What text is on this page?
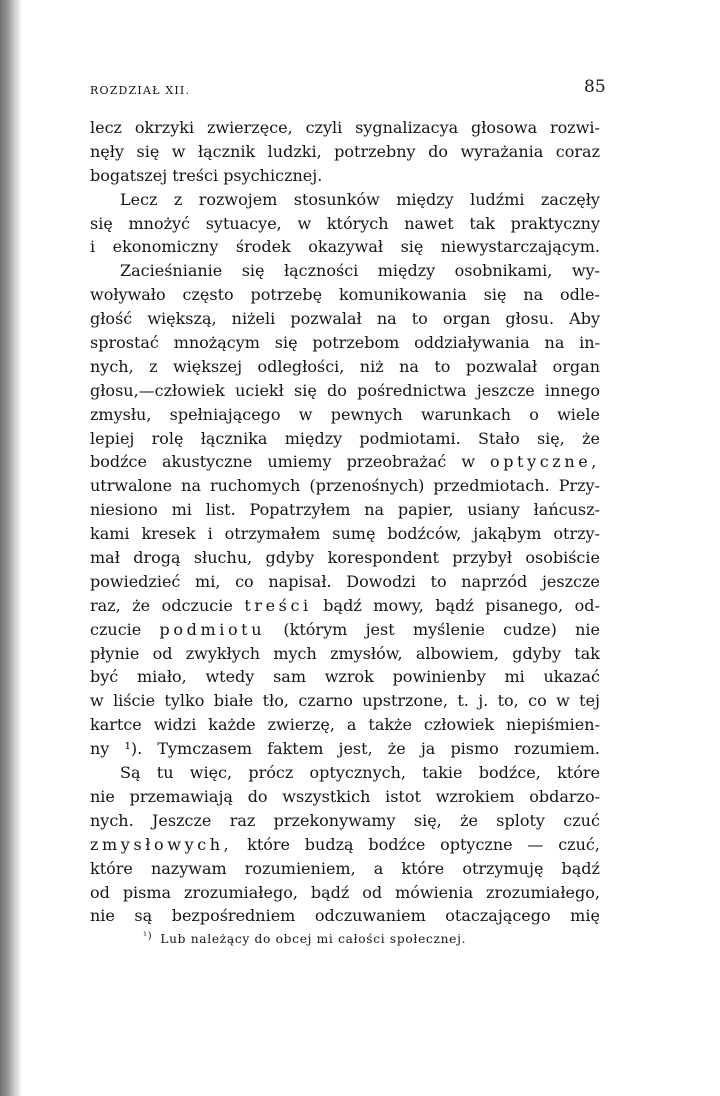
ROZDZIAŁ XII.	85
lecz okrzyki zwierzęce, czyli sygnalizacya głosowa rozwi-
nęły się w łącznik ludzki, potrzebny do wyrażania coraz
bogatszej
treści
psychicznej.
Lecz z rozwojem stosunków między ludźmi zaczęły
się mnożyć sytuacye, w których nawet tak praktyczny
i ekonomiczny środek okazywał się niewystarczającym.
Zacieśnianie się łączności między osobnikami, wy-
woływało często potrzebę komunikowania się na odle-
głość większą, niżeli pozwalał na to organ głosu. Aby
sprostać mnożącym się potrzebom oddziaływania na in-
nych, z większej odległości, niż na to pozwalał organ
głosu,—człowiek uciekł się do pośrednictwa jeszcze innego
zmysłu, spełniającego w pewnych warunkach o wiele
lepiej rolę łącznika między podmiotami. Stało się, że
bodźce akustyczne umiemy przeobrażać w optyczne,
utrwalone na ruchomych (przenośnych) przedmiotach. Przy-
niesiono mi list. Popatrzyłem na papier, usiany łańcusz-
kami kresek i otrzymałem sumę bodźców, jakąbym otrzy-
mał drogą słuchu, gdyby korespondent przybył osobiście
powiedzieć mi, co napisał. Dowodzi to naprzód jeszcze
raz, że odczucie treści bądź mowy, bądź pisanego, od-
czucie podmiotu (którym jest myślenie cudze) nie
płynie od zwykłych mych zmysłów, albowiem, gdyby tak
być miało, wtedy sam wzrok powinienby mi ukazać
w liście tylko białe tło, czarno upstrzone, t. j. to, co w tej
kartce widzi każde zwierzę, a także człowiek niepiśmien-
ny ¹). Tymczasem faktem jest, że ja pismo rozumiem.
Są tu więc, prócz optycznych, takie bodźce, które
nie przemawiają do wszystkich istot wzrokiem obdarzo-
nych. Jeszcze raz przekonywamy się, że sploty czuć
zmysłowych, które budzą bodźce optyczne — czuć,
które nazywam rozumieniem, a które otrzymuję bądź
od pisma zrozumiałego, bądź od mówienia zrozumiałego,
nie są bezpośredniem odczuwaniem otaczającego mię
$^{^1)}$ Lub należący do obcej mi całości społecznej.
